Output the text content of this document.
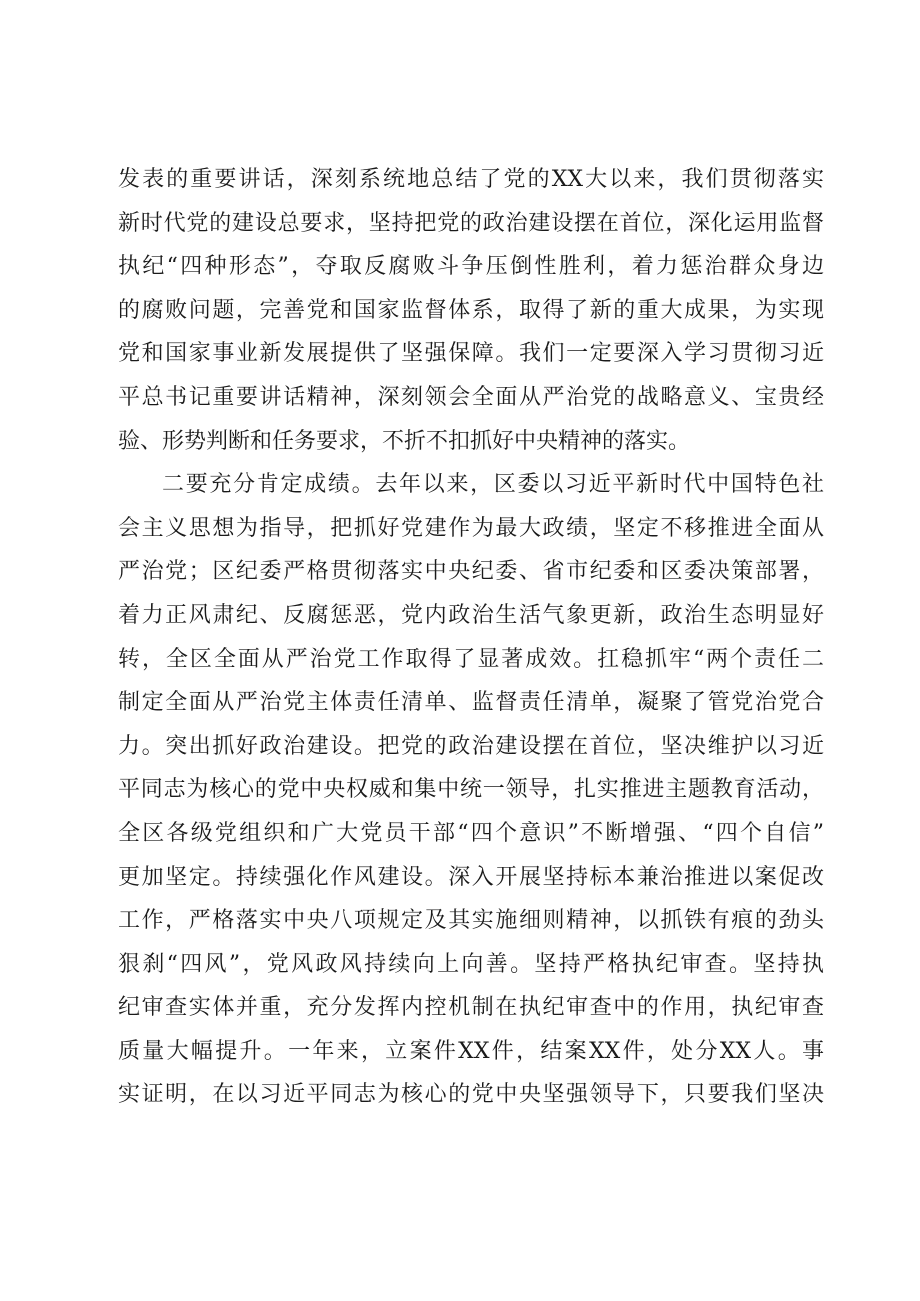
发表的重要讲话，深刻系统地总结了党的XX大以来，我们贯彻落实
新时代党的建设总要求，坚持把党的政治建设摆在首位，深化运用监督
执纪“四种形态”，夺取反腐败斗争压倒性胜利，着力惩治群众身边
的腐败问题，完善党和国家监督体系，取得了新的重大成果，为实现
党和国家事业新发展提供了坚强保障。我们一定要深入学习贯彻习近
平总书记重要讲话精神，深刻领会全面从严治党的战略意义、宝贵经
验、形势判断和任务要求，不折不扣抓好中央精神的落实。
二要充分肯定成绩。去年以来，区委以习近平新时代中国特色社
会主义思想为指导，把抓好党建作为最大政绩，坚定不移推进全面从
严治党；区纪委严格贯彻落实中央纪委、省市纪委和区委决策部署，
着力正风肃纪、反腐惩恶，党内政治生活气象更新，政治生态明显好
转，全区全面从严治党工作取得了显著成效。扛稳抓牢“两个责任二
制定全面从严治党主体责任清单、监督责任清单，凝聚了管党治党合
力。突出抓好政治建设。把党的政治建设摆在首位，坚决维护以习近
平同志为核心的党中央权威和集中统一领导，扎实推进主题教育活动，
全区各级党组织和广大党员干部“四个意识”不断增强、“四个自信”
更加坚定。持续强化作风建设。深入开展坚持标本兼治推进以案促改
工作，严格落实中央八项规定及其实施细则精神，以抓铁有痕的劲头
狠刹“四风”，党风政风持续向上向善。坚持严格执纪审查。坚持执
纪审查实体并重，充分发挥内控机制在执纪审查中的作用，执纪审查
质量大幅提升。一年来，立案件XX件，结案XX件，处分XX人。事
实证明，在以习近平同志为核心的党中央坚强领导下，只要我们坚决
